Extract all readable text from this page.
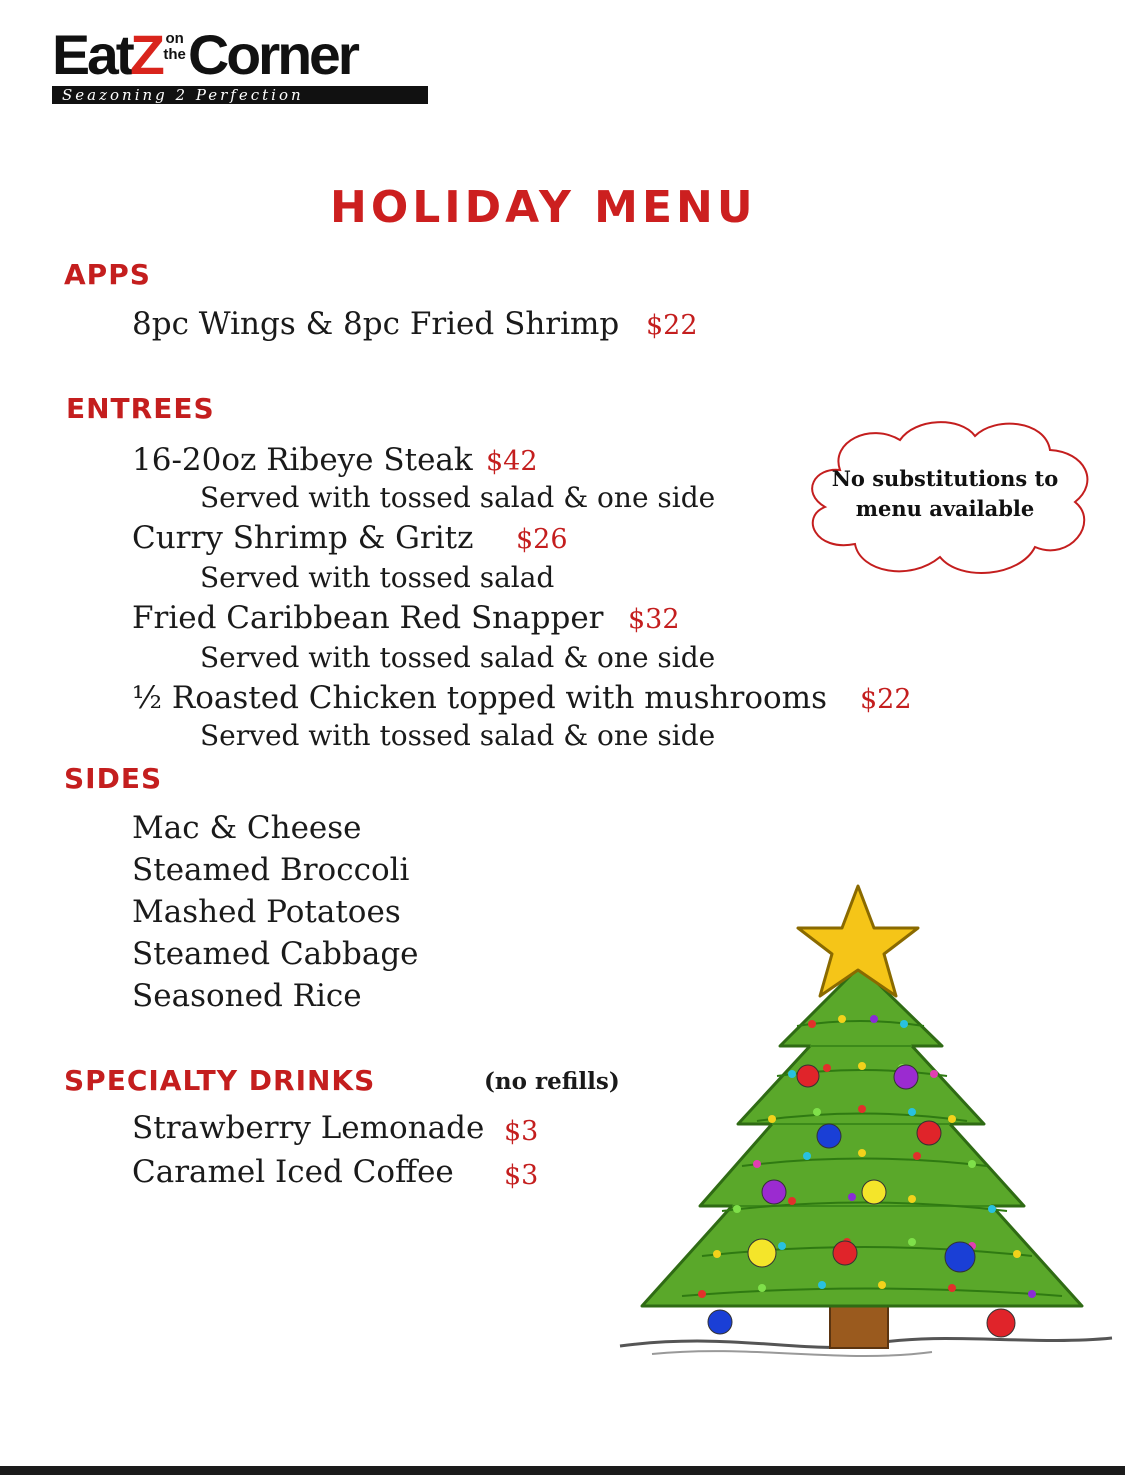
EatZ on
the Corner
Seazoning 2 Perfection
HOLIDAY MENU
APPS
8pc Wings & 8pc Fried Shrimp $22
ENTREES
16-20oz Ribeye Steak $42
Served with tossed salad & one side
Curry Shrimp & Gritz $26
Served with tossed salad
Fried Caribbean Red Snapper $32
Served with tossed salad & one side
½ Roasted Chicken topped with mushrooms $22
Served with tossed salad & one side
No substitutions to
menu available
SIDES
Mac & Cheese
Steamed Broccoli
Mashed Potatoes
Steamed Cabbage
Seasoned Rice
SPECIALTY DRINKS	(no refills)
Strawberry Lemonade $3
Caramel Iced Coffee $3
